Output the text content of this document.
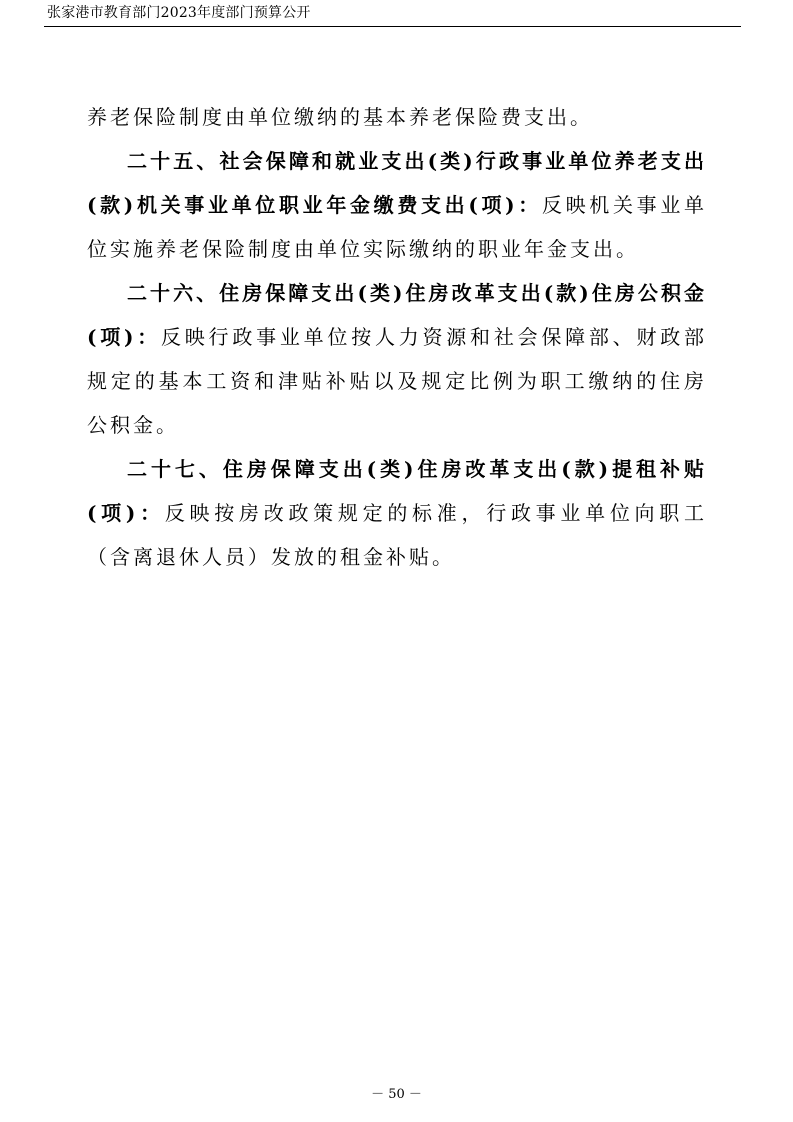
张家港市教育部门2023年度部门预算公开

养老保险制度由单位缴纳的基本养老保险费支出。

二十五、社会保障和就业支出(类)行政事业单位养老支出(款)机关事业单位职业年金缴费支出(项)：反映机关事业单位实施养老保险制度由单位实际缴纳的职业年金支出。

二十六、住房保障支出(类)住房改革支出(款)住房公积金(项)：反映行政事业单位按人力资源和社会保障部、财政部规定的基本工资和津贴补贴以及规定比例为职工缴纳的住房公积金。

二十七、住房保障支出(类)住房改革支出(款)提租补贴(项)：反映按房改政策规定的标准，行政事业单位向职工（含离退休人员）发放的租金补贴。

－ 50 －
